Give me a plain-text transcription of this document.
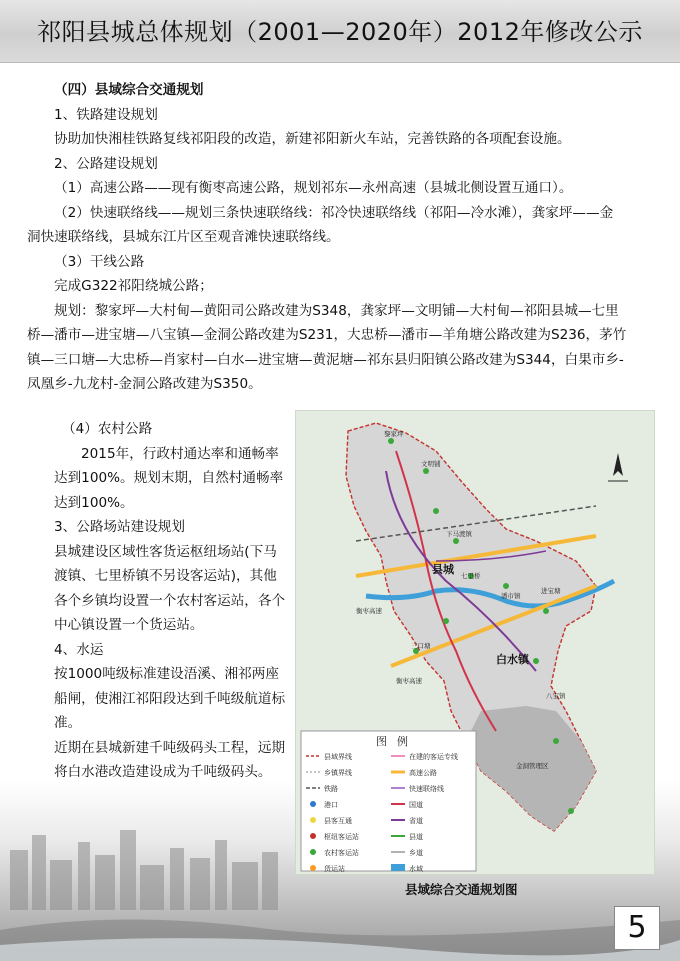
祁阳县城总体规划（2001—2020年）2012年修改公示

（四）县域综合交通规划

1、铁路建设规划

协助加快湘桂铁路复线祁阳段的改造，新建祁阳新火车站，完善铁路的各项配套设施。

2、公路建设规划

（1）高速公路——现有衡枣高速公路，规划祁东—永州高速（县城北侧设置互通口）。

（2）快速联络线——规划三条快速联络线：祁冷快速联络线（祁阳—冷水滩），龚家坪——金

洞快速联络线，县城东江片区至观音滩快速联络线。

（3）干线公路

完成G322祁阳绕城公路；

规划：黎家坪—大村甸—黄阳司公路改建为S348，龚家坪—文明铺—大村甸—祁阳县城—七里

桥—潘市—进宝塘—八宝镇—金洞公路改建为S231，大忠桥—潘市—羊角塘公路改建为S236，茅竹

镇—三口塘—大忠桥—肖家村—白水—进宝塘—黄泥塘—祁东县归阳镇公路改建为S344，白果市乡-

凤凰乡-九龙村-金洞公路改建为S350。

（4）农村公路

2015年，行政村通达率和通畅率达到100%。规划末期，自然村通畅率达到100%。

3、公路场站建设规划

县城建设区域性客货运枢纽场站(下马渡镇、七里桥镇不另设客运站)，其他各个乡镇均设置一个农村客运站，各个中心镇设置一个货运站。

4、水运

按1000吨级标准建设浯溪、湘祁两座船闸，使湘江祁阳段达到千吨级航道标准。

近期在县城新建千吨级码头工程，远期将白水港改造建设成为千吨级码头。

县城
白水镇
金洞管理区
黎家坪
文明铺
下马渡镇
七里桥
三口塘
潘市镇
八宝镇
衡枣高速
衡枣高速
进宝塘
图例
县域界线	在建的客运专线
乡镇界线	高速公路
铁路	快速联络线
港口	国道
县客互通	省道
枢纽客运站	县道
农村客运站	乡道
货运站	水域
县域综合交通规划图
5
